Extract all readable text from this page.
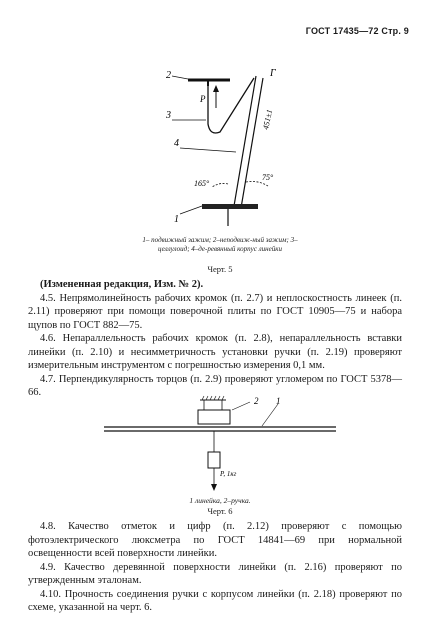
ГОСТ 17435—72 Стр. 9
2	Г
P
3
4
451±1
165°
75°
1
1– подвижный зажим; 2–неподвиж-ный зажим; 3–целлулоид; 4–де-ревянный корпус линейки
Черт. 5

(Измененная редакция, Изм. № 2).

4.5. Непрямолинейность рабочих кромок (п. 2.7) и неплоскостность линеек (п. 2.11) проверяют при помощи поверочной плиты по ГОСТ 10905—75 и набора щупов по ГОСТ 882—75.

4.6. Непараллельность рабочих кромок (п. 2.8), непараллельность вставки линейки (п. 2.10) и несимметричность установки ручки (п. 2.19) проверяют измерительным инструментом с погрешностью измерения 0,1 мм.

4.7. Перпендикулярность торцов (п. 2.9) проверяют угломером по ГОСТ 5378—66.

2 1
P, 1кг
1 линейка, 2–ручка.
Черт. 6

4.8. Качество отметок и цифр (п. 2.12) проверяют с помощью фотоэлектрического люксметра по ГОСТ 14841—69 при нормальной освещенности всей поверхности линейки.

4.9. Качество деревянной поверхности линейки (п. 2.16) проверяют по утвержденным эталонам.

4.10. Прочность соединения ручки с корпусом линейки (п. 2.18) проверяют по схеме, указанной на черт. 6.
